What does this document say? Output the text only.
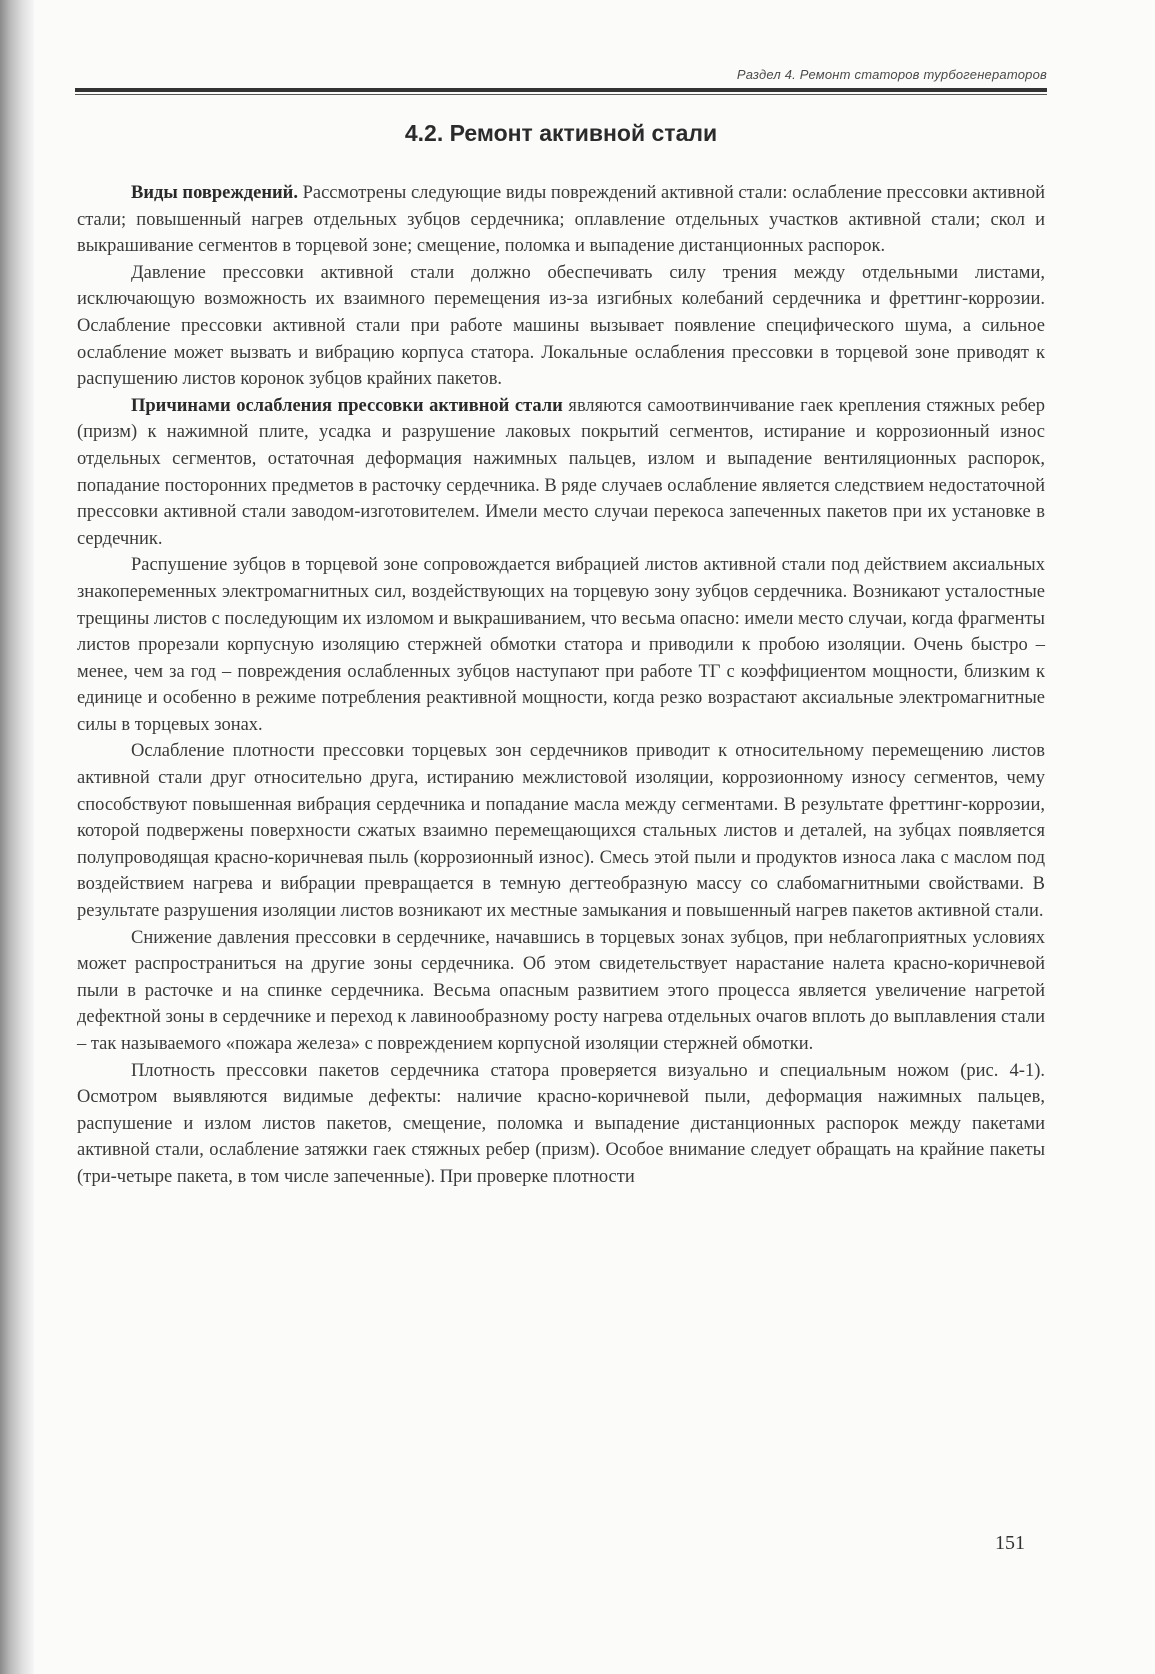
Раздел 4. Ремонт статоров турбогенераторов
4.2. Ремонт активной стали

Виды повреждений. Рассмотрены следующие виды повреждений активной стали: ослабление прессовки активной стали; повышенный нагрев отдельных зубцов сердечника; оплавление отдельных участков активной стали; скол и выкрашивание сегментов в торцевой зоне; смещение, поломка и выпадение дистанционных распорок.

Давление прессовки активной стали должно обеспечивать силу трения между отдельными листами, исключающую возможность их взаимного перемещения из-за изгибных колебаний сердечника и фреттинг-коррозии. Ослабление прессовки активной стали при работе машины вызывает появление специфического шума, а сильное ослабление может вызвать и вибрацию корпуса статора. Локальные ослабления прессовки в торцевой зоне приводят к распушению листов коронок зубцов крайних пакетов.

Причинами ослабления прессовки активной стали являются самоотвинчивание гаек крепления стяжных ребер (призм) к нажимной плите, усадка и разрушение лаковых покрытий сегментов, истирание и коррозионный износ отдельных сегментов, остаточная деформация нажимных пальцев, излом и выпадение вентиляционных распорок, попадание посторонних предметов в расточку сердечника. В ряде случаев ослабление является следствием недостаточной прессовки активной стали заводом-изготовителем. Имели место случаи перекоса запеченных пакетов при их установке в сердечник.

Распушение зубцов в торцевой зоне сопровождается вибрацией листов активной стали под действием аксиальных знакопеременных электромагнитных сил, воздействующих на торцевую зону зубцов сердечника. Возникают усталостные трещины листов с последующим их изломом и выкрашиванием, что весьма опасно: имели место случаи, когда фрагменты листов прорезали корпусную изоляцию стержней обмотки статора и приводили к пробою изоляции. Очень быстро – менее, чем за год – повреждения ослабленных зубцов наступают при работе ТГ с коэффициентом мощности, близким к единице и особенно в режиме потребления реактивной мощности, когда резко возрастают аксиальные электромагнитные силы в торцевых зонах.

Ослабление плотности прессовки торцевых зон сердечников приводит к относительному перемещению листов активной стали друг относительно друга, истиранию межлистовой изоляции, коррозионному износу сегментов, чему способствуют повышенная вибрация сердечника и попадание масла между сегментами. В результате фреттинг-коррозии, которой подвержены поверхности сжатых взаимно перемещающихся стальных листов и деталей, на зубцах появляется полупроводящая красно-коричневая пыль (коррозионный износ). Смесь этой пыли и продуктов износа лака с маслом под воздействием нагрева и вибрации превращается в темную дегтеобразную массу со слабомагнитными свойствами. В результате разрушения изоляции листов возникают их местные замыкания и повышенный нагрев пакетов активной стали.

Снижение давления прессовки в сердечнике, начавшись в торцевых зонах зубцов, при неблагоприятных условиях может распространиться на другие зоны сердечника. Об этом свидетельствует нарастание налета красно-коричневой пыли в расточке и на спинке сердечника. Весьма опасным развитием этого процесса является увеличение нагретой дефектной зоны в сердечнике и переход к лавинообразному росту нагрева отдельных очагов вплоть до выплавления стали – так называемого «пожара железа» с повреждением корпусной изоляции стержней обмотки.

Плотность прессовки пакетов сердечника статора проверяется визуально и специальным ножом (рис. 4-1). Осмотром выявляются видимые дефекты: наличие красно-коричневой пыли, деформация нажимных пальцев, распушение и излом листов пакетов, смещение, поломка и выпадение дистанционных распорок между пакетами активной стали, ослабление затяжки гаек стяжных ребер (призм). Особое внимание следует обращать на крайние пакеты (три-четыре пакета, в том числе запеченные). При проверке плотности

151
